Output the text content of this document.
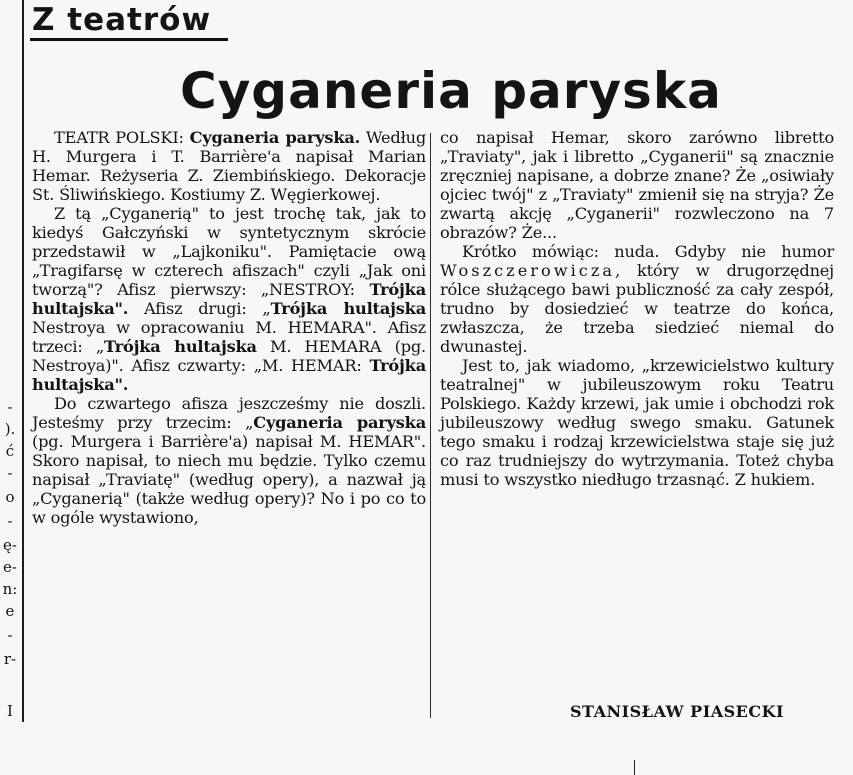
-
).
ć
-
o
-
ę-
e-
n:
e
-
r-
I
Z teatrów
Cyganeria paryska

TEATR POLSKI: Cyganeria paryska. Według H. Murgera i T. Barrière'a napisał Marian Hemar. Reżyseria Z. Ziembińskiego. Dekoracje St. Śliwińskiego. Kostiumy Z. Węgierkowej.

Z tą „Cyganerią" to jest trochę tak, jak to kiedyś Gałczyński w syntetycznym skrócie przedstawił w „Lajkoniku". Pamiętacie ową „Tragifarsę w czterech afiszach" czyli „Jak oni tworzą"? Afisz pierwszy: „NESTROY: Trójka hultajska". Afisz drugi: „Trójka hultajska Nestroya w opracowaniu M. HEMARA". Afisz trzeci: „Trójka hultajska M. HEMARA (pg. Nestroya)". Afisz czwarty: „M. HEMAR: Trójka hultajska".

Do czwartego afisza jeszcześmy nie doszli. Jesteśmy przy trzecim: „Cyganeria paryska (pg. Murgera i Barrière'a) napisał M. HEMAR". Skoro napisał, to niech mu będzie. Tylko czemu napisał „Traviatę" (według opery), a nazwał ją „Cyganerią" (także według opery)? No i po co to w ogóle wystawiono,

co napisał Hemar, skoro zarówno libretto „Traviaty", jak i libretto „Cyganerii" są znacznie zręczniej napisane, a dobrze znane? Że „osiwiały ojciec twój" z „Traviaty" zmienił się na stryja? Że zwartą akcję „Cyganerii" rozwleczono na 7 obrazów? Że...

Krótko mówiąc: nuda. Gdyby nie humor Woszczerowicza, który w drugorzędnej rólce służącego bawi publiczność za cały zespół, trudno by dosiedzieć w teatrze do końca, zwłaszcza, że trzeba siedzieć niemal do dwunastej.

Jest to, jak wiadomo, „krzewicielstwo kultury teatralnej" w jubileuszowym roku Teatru Polskiego. Każdy krzewi, jak umie i obchodzi rok jubileuszowy według swego smaku. Gatunek tego smaku i rodzaj krzewicielstwa staje się już co raz trudniejszy do wytrzymania. Toteż chyba musi to wszystko niedługo trzasnąć. Z hukiem.

STANISŁAW PIASECKI
